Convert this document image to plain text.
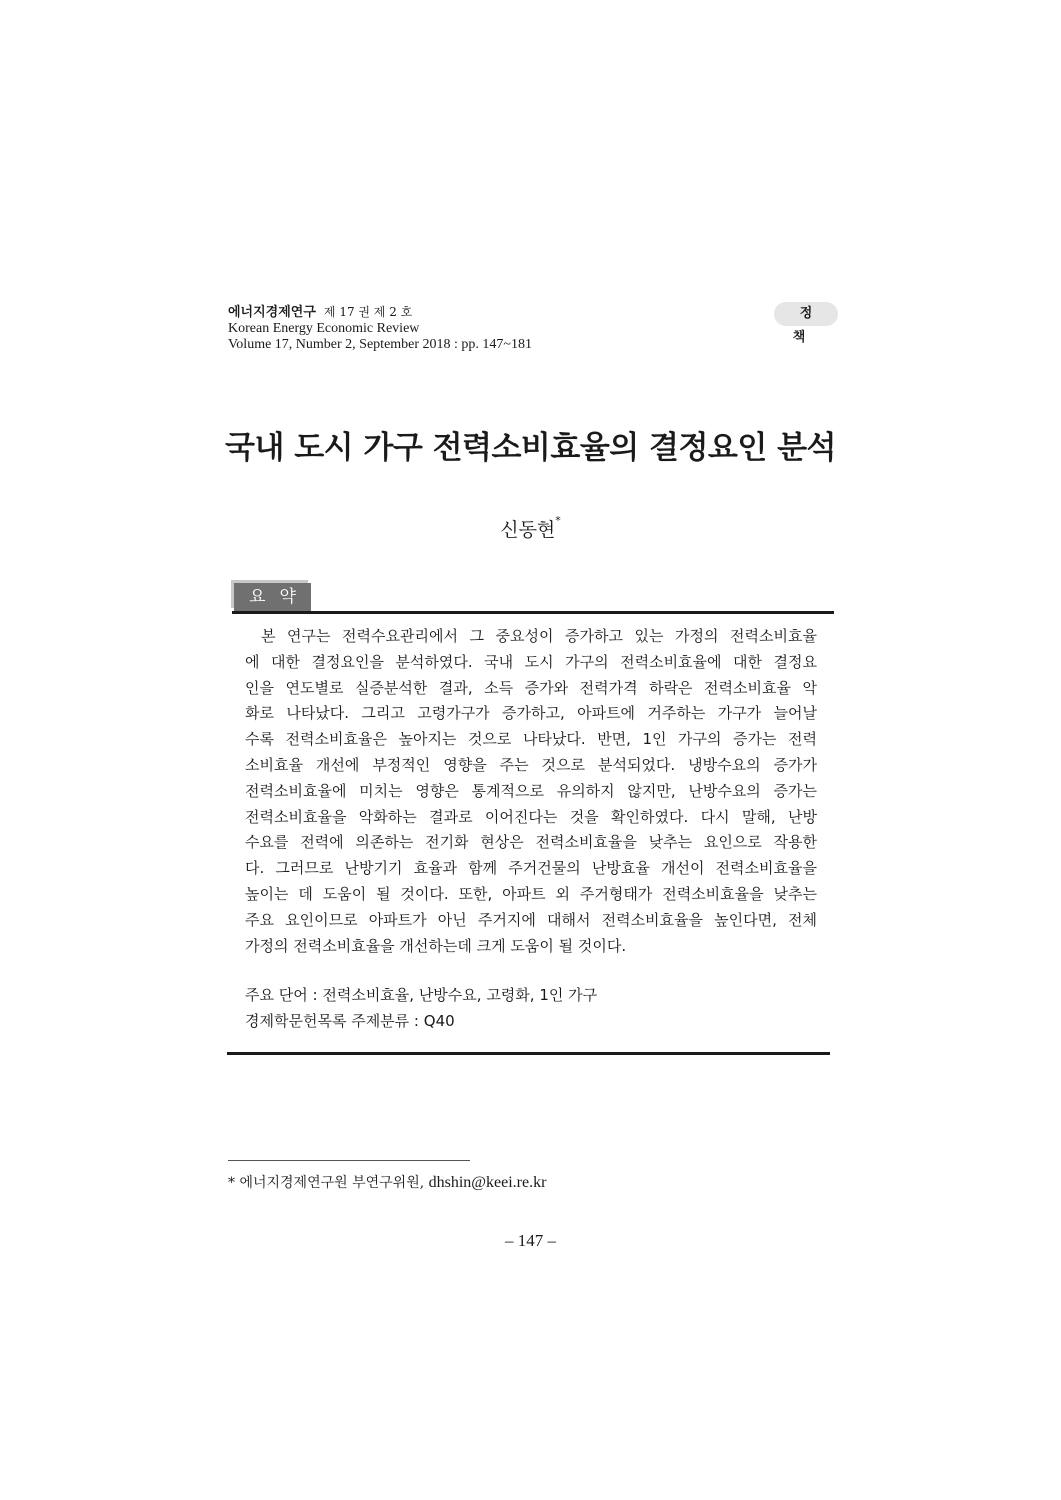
에너지경제연구 제 17 권 제 2 호
Korean Energy Economic Review
Volume 17, Number 2, September 2018 : pp. 147~181
정책
국내 도시 가구 전력소비효율의 결정요인 분석
신동현*
요약
본 연구는 전력수요관리에서 그 중요성이 증가하고 있는 가정의 전력소비효율
에 대한 결정요인을 분석하였다. 국내 도시 가구의 전력소비효율에 대한 결정요
인을 연도별로 실증분석한 결과, 소득 증가와 전력가격 하락은 전력소비효율 악
화로 나타났다. 그리고 고령가구가 증가하고, 아파트에 거주하는 가구가 늘어날
수록 전력소비효율은 높아지는 것으로 나타났다. 반면, 1인 가구의 증가는 전력
소비효율 개선에 부정적인 영향을 주는 것으로 분석되었다. 냉방수요의 증가가
전력소비효율에 미치는 영향은 통계적으로 유의하지 않지만, 난방수요의 증가는
전력소비효율을 악화하는 결과로 이어진다는 것을 확인하였다. 다시 말해, 난방
수요를 전력에 의존하는 전기화 현상은 전력소비효율을 낮추는 요인으로 작용한
다. 그러므로 난방기기 효율과 함께 주거건물의 난방효율 개선이 전력소비효율을
높이는 데 도움이 될 것이다. 또한, 아파트 외 주거형태가 전력소비효율을 낮추는
주요 요인이므로 아파트가 아닌 주거지에 대해서 전력소비효율을 높인다면, 전체
가정의 전력소비효율을 개선하는데 크게 도움이 될 것이다.
주요 단어 : 전력소비효율, 난방수요, 고령화, 1인 가구
경제학문헌목록 주제분류 : Q40
* 에너지경제연구원 부연구위원, dhshin@keei.re.kr
– 147 –
